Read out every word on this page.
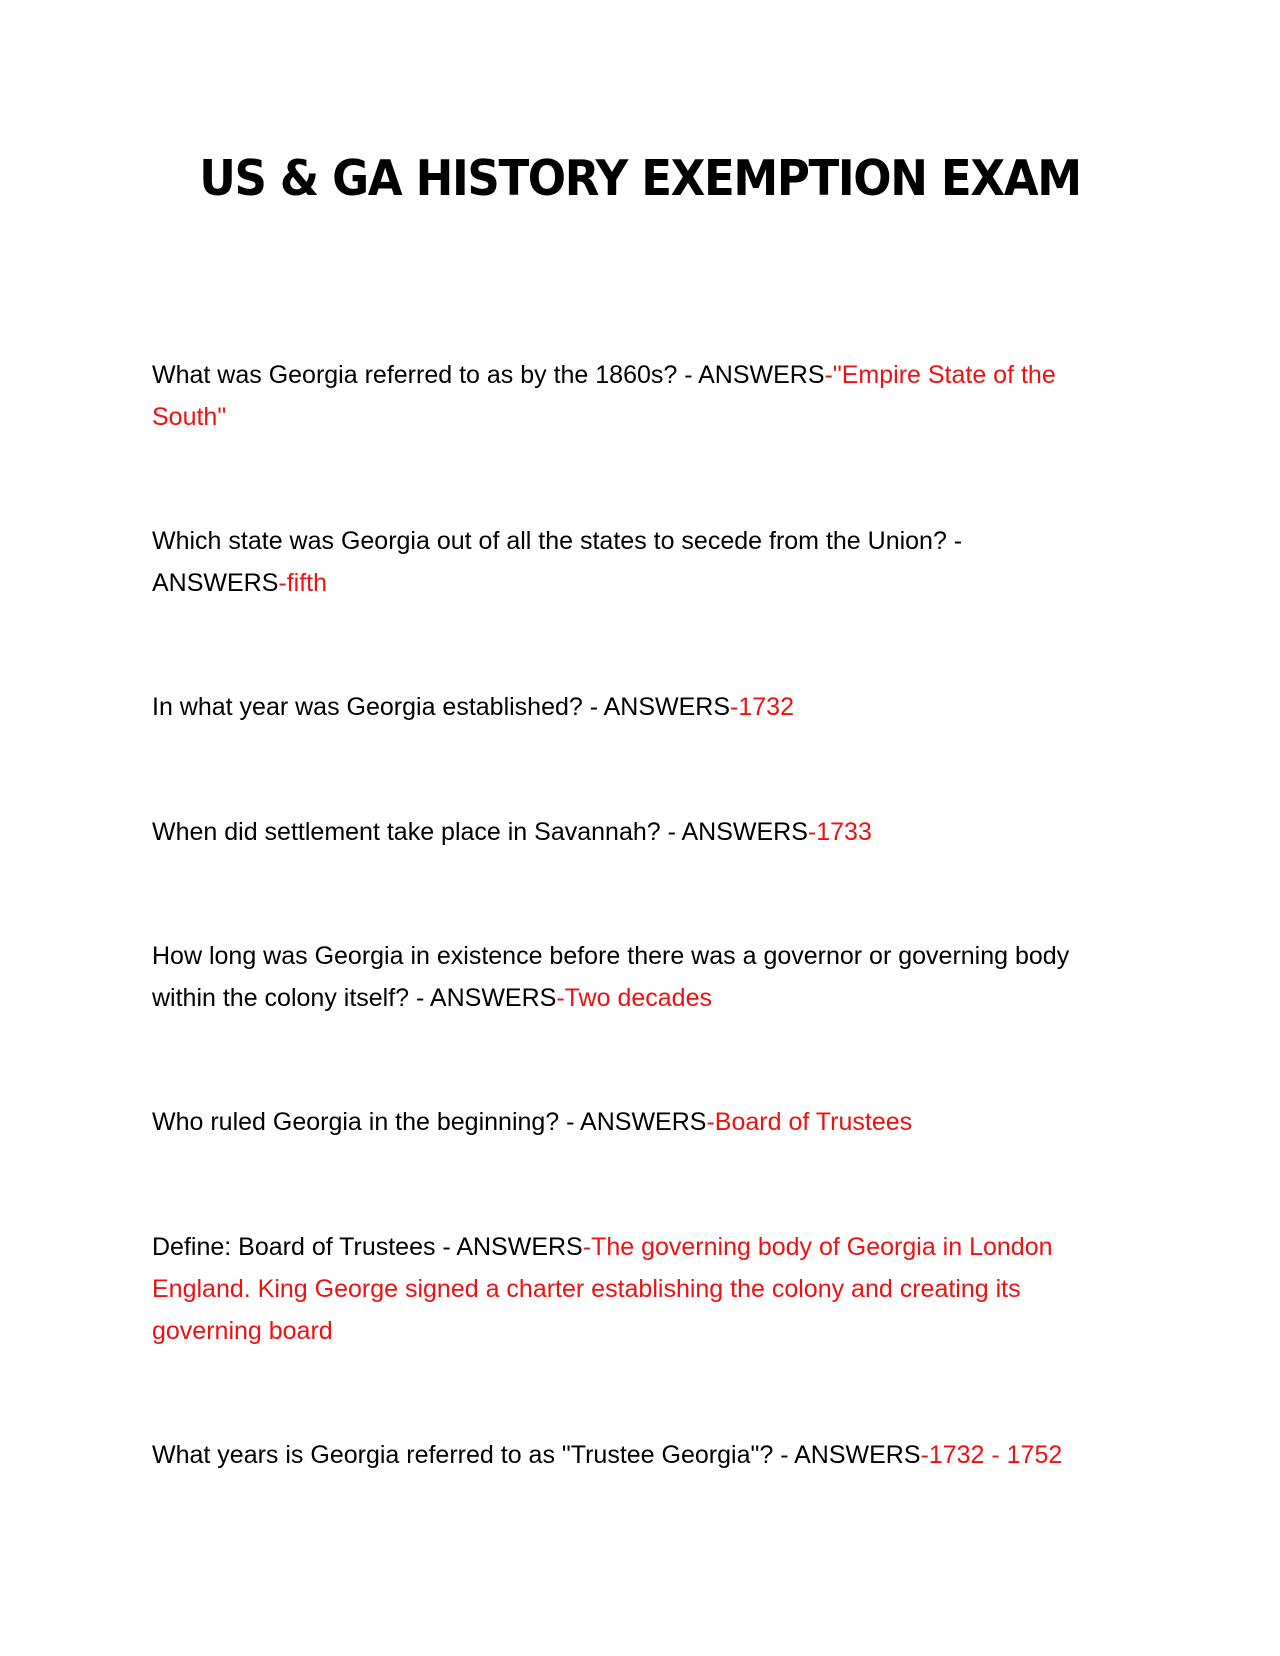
US & GA HISTORY EXEMPTION EXAM
What was Georgia referred to as by the 1860s? - ANSWERS-"Empire State of the South"
Which state was Georgia out of all the states to secede from the Union? - ANSWERS-fifth
In what year was Georgia established? - ANSWERS-1732
When did settlement take place in Savannah? - ANSWERS-1733
How long was Georgia in existence before there was a governor or governing body within the colony itself? - ANSWERS-Two decades
Who ruled Georgia in the beginning? - ANSWERS-Board of Trustees
Define: Board of Trustees - ANSWERS-The governing body of Georgia in London England. King George signed a charter establishing the colony and creating its governing board
What years is Georgia referred to as "Trustee Georgia"? - ANSWERS-1732 - 1752
